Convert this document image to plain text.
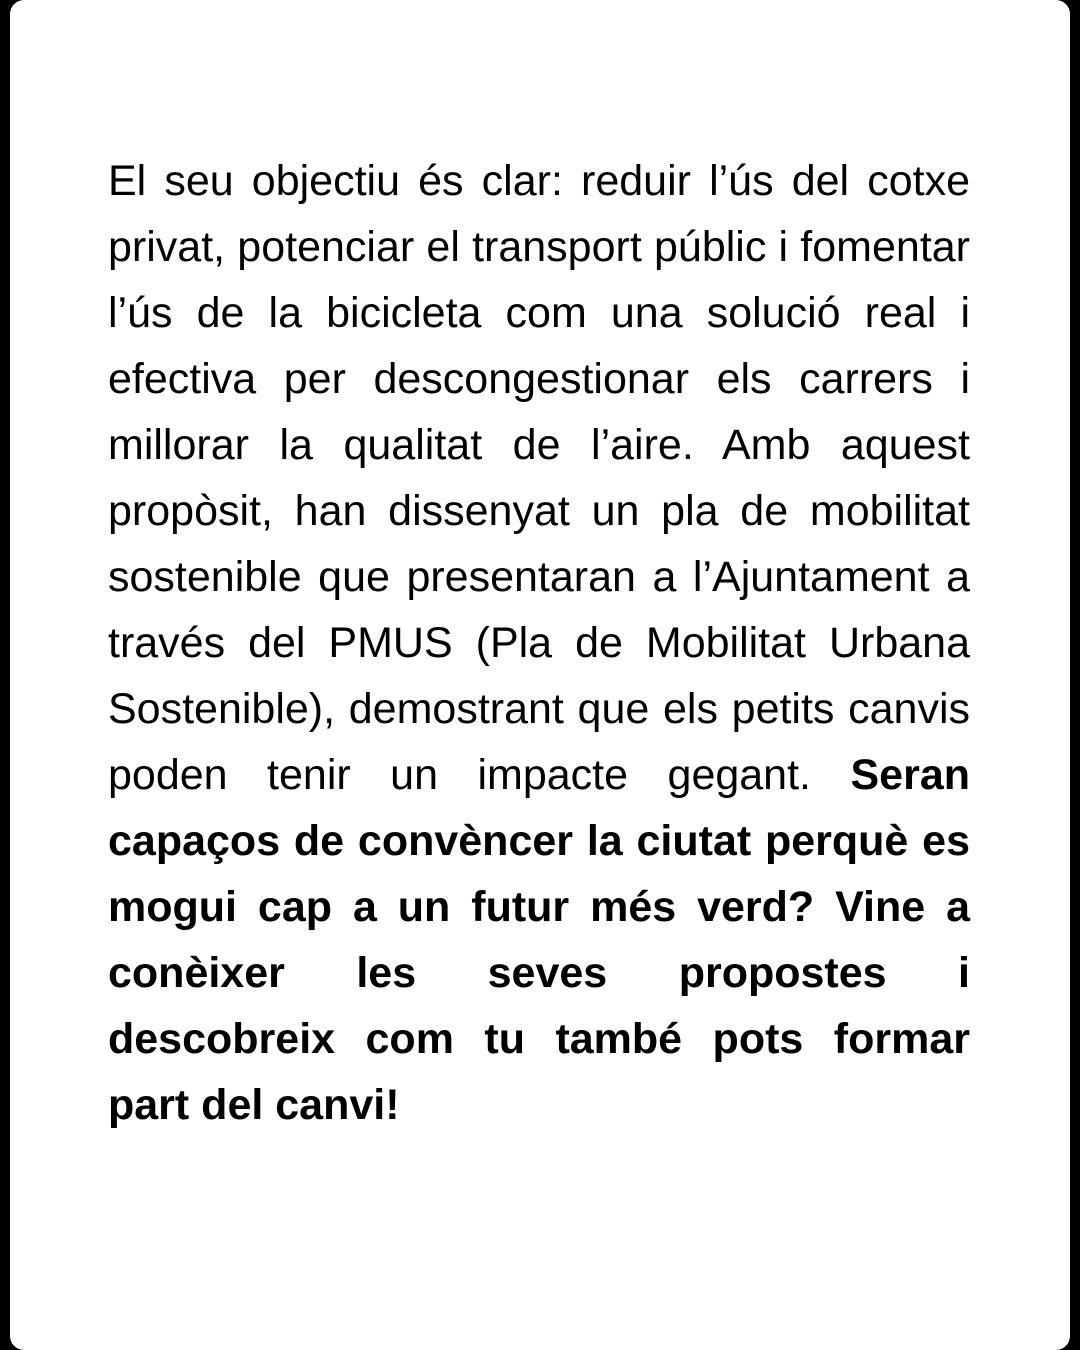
El seu objectiu és clar: reduir l’ús del cotxe privat, potenciar el transport públic i fomentar l’ús de la bicicleta com una solució real i efectiva per descongestionar els carrers i millorar la qualitat de l’aire. Amb aquest propòsit, han dissenyat un pla de mobilitat sostenible que presentaran a l’Ajuntament a través del PMUS (Pla de Mobilitat Urbana Sostenible), demostrant que els petits canvis poden tenir un impacte gegant. Seran capaços de convèncer la ciutat perquè es mogui cap a un futur més verd? Vine a conèixer les seves propostes i descobreix com tu també pots formar part del canvi!
